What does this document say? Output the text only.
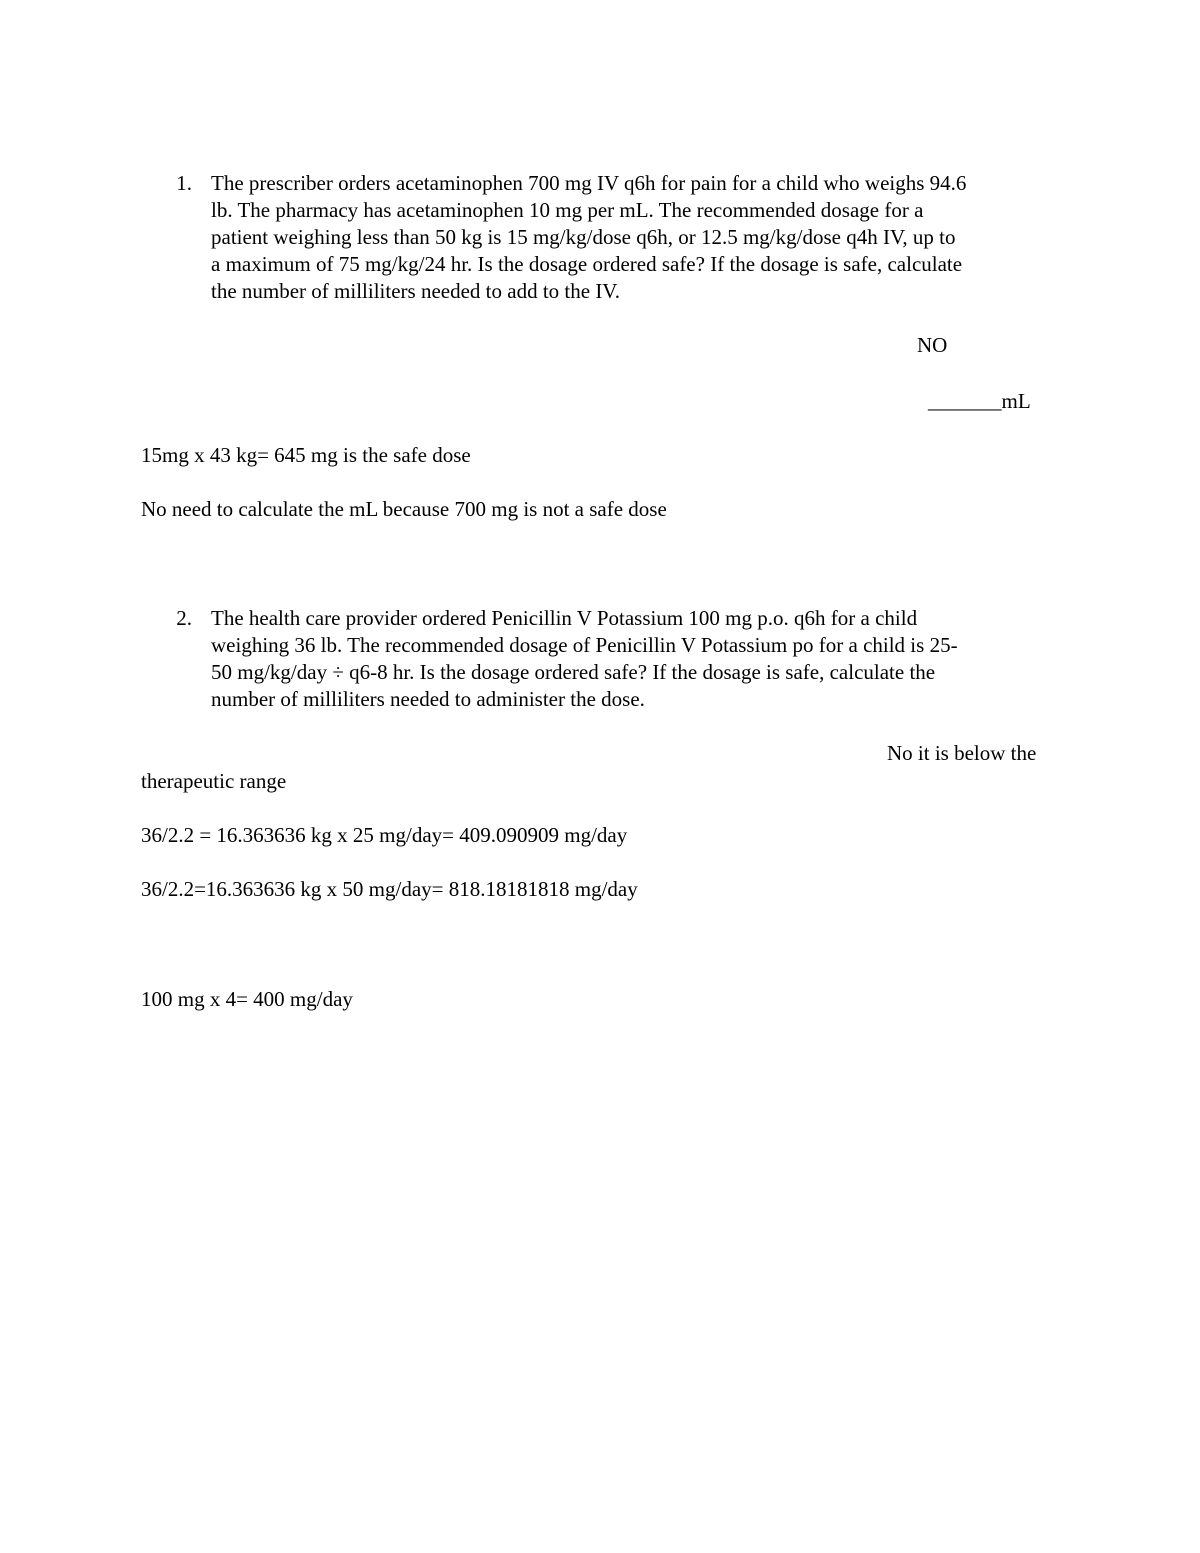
1. The prescriber orders acetaminophen 700 mg IV q6h for pain for a child who weighs 94.6
lb. The pharmacy has acetaminophen 10 mg per mL. The recommended dosage for a
patient weighing less than 50 kg is 15 mg/kg/dose q6h, or 12.5 mg/kg/dose q4h IV, up to
a maximum of 75 mg/kg/24 hr. Is the dosage ordered safe? If the dosage is safe, calculate
the number of milliliters needed to add to the IV.
NO
_______mL
15mg x 43 kg= 645 mg is the safe dose
No need to calculate the mL because 700 mg is not a safe dose
2. The health care provider ordered Penicillin V Potassium 100 mg p.o. q6h for a child
weighing 36 lb. The recommended dosage of Penicillin V Potassium po for a child is 25-
50 mg/kg/day ÷ q6-8 hr. Is the dosage ordered safe? If the dosage is safe, calculate the
number of milliliters needed to administer the dose.
No it is below the
therapeutic range
36/2.2 = 16.363636 kg x 25 mg/day= 409.090909 mg/day
36/2.2=16.363636 kg x 50 mg/day= 818.18181818 mg/day
100 mg x 4= 400 mg/day
